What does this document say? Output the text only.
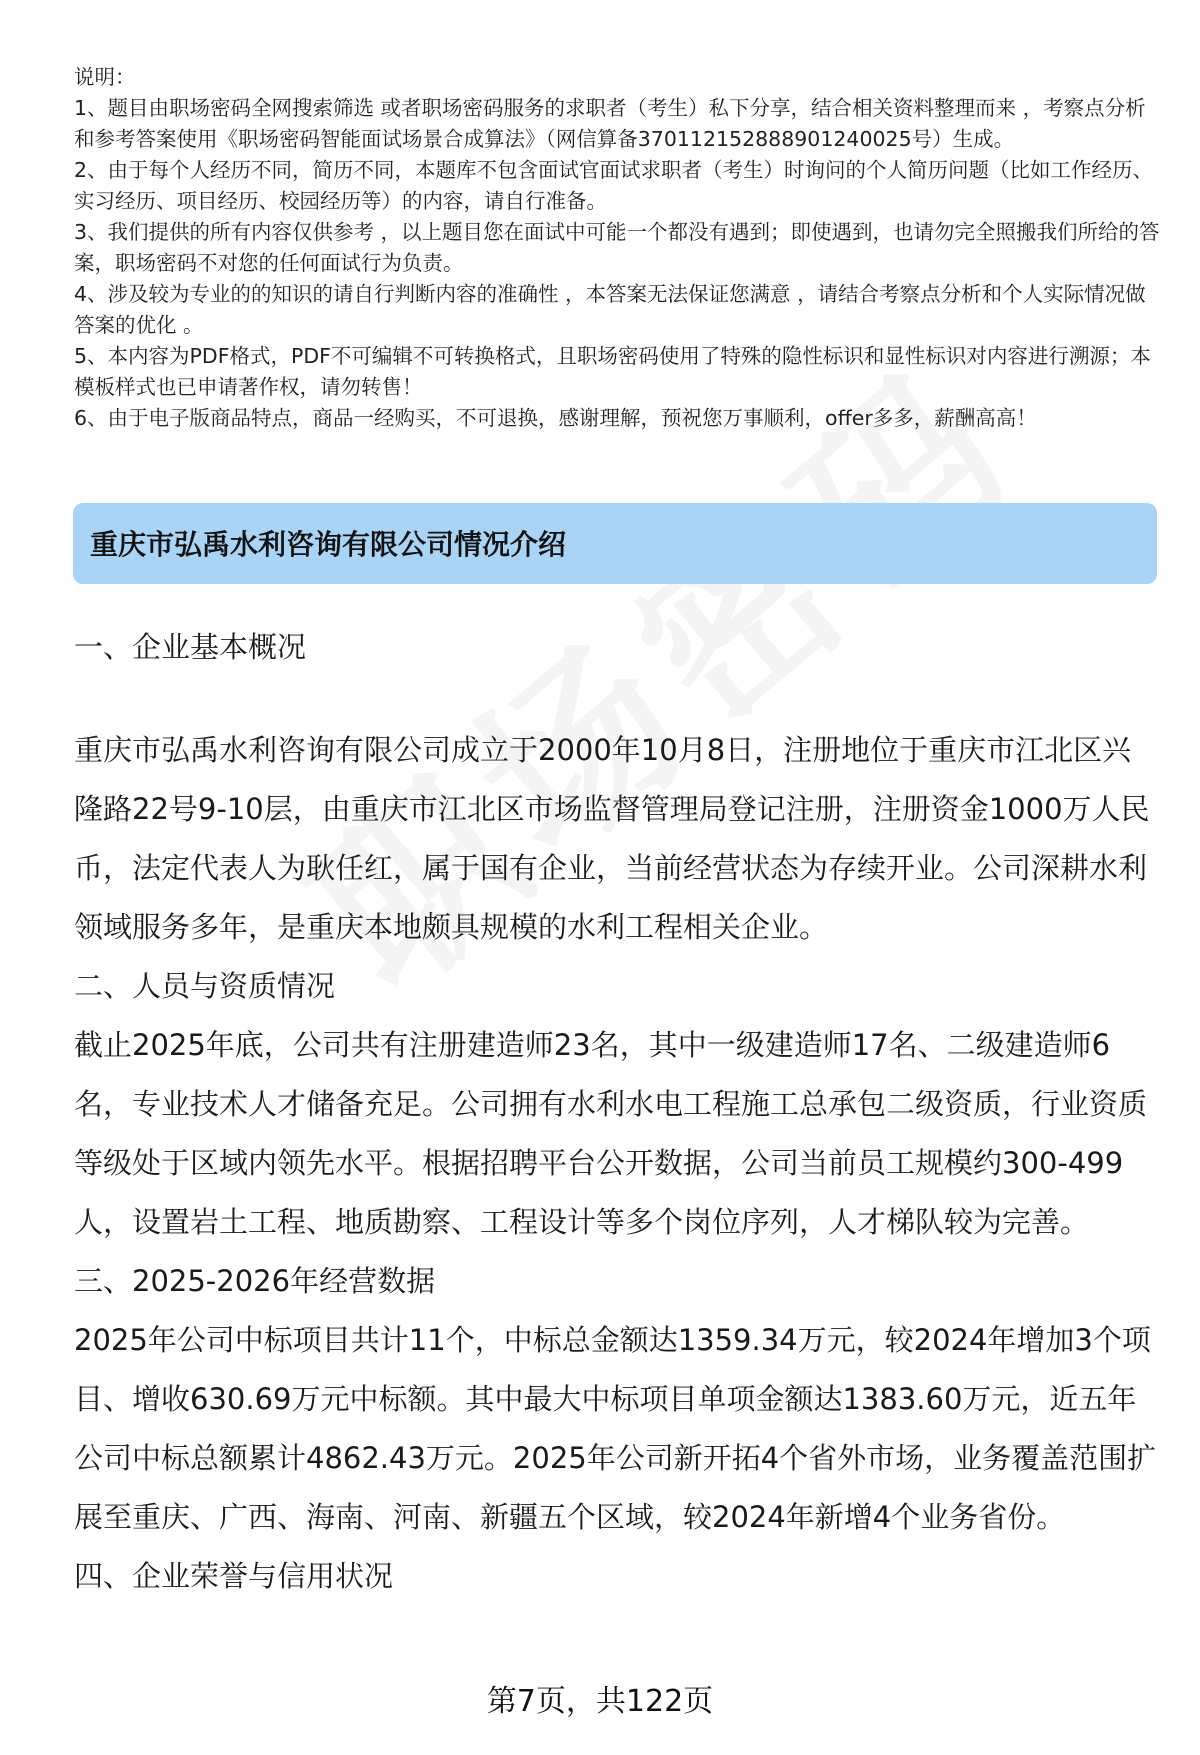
说明：

1、题目由职场密码全网搜索筛选 或者职场密码服务的求职者（考生）私下分享，结合相关资料整理而来 ，考察点分析和参考答案使用《职场密码智能面试场景合成算法》（网信算备370112152888901240025号）生成。

2、由于每个人经历不同，简历不同，本题库不包含面试官面试求职者（考生）时询问的个人简历问题（比如工作经历、实习经历、项目经历、校园经历等）的内容，请自行准备。

3、我们提供的所有内容仅供参考 ，以上题目您在面试中可能一个都没有遇到；即使遇到，也请勿完全照搬我们所给的答案，职场密码不对您的任何面试行为负责。

4、涉及较为专业的的知识的请自行判断内容的准确性 ，本答案无法保证您满意 ，请结合考察点分析和个人实际情况做答案的优化 。

5、本内容为PDF格式，PDF不可编辑不可转换格式，且职场密码使用了特殊的隐性标识和显性标识对内容进行溯源；本模板样式也已申请著作权，请勿转售！

6、由于电子版商品特点，商品一经购买，不可退换，感谢理解，预祝您万事顺利，offer多多，薪酬高高！

重庆市弘禹水利咨询有限公司情况介绍

一、企业基本概况

重庆市弘禹水利咨询有限公司成立于2000年10月8日，注册地位于重庆市江北区兴隆路22号9-10层，由重庆市江北区市场监督管理局登记注册，注册资金1000万人民币，法定代表人为耿任红，属于国有企业，当前经营状态为存续开业。公司深耕水利领域服务多年，是重庆本地颇具规模的水利工程相关企业。

二、人员与资质情况

截止2025年底，公司共有注册建造师23名，其中一级建造师17名、二级建造师6名，专业技术人才储备充足。公司拥有水利水电工程施工总承包二级资质，行业资质等级处于区域内领先水平。根据招聘平台公开数据，公司当前员工规模约300-499人，设置岩土工程、地质勘察、工程设计等多个岗位序列，人才梯队较为完善。

三、2025-2026年经营数据

2025年公司中标项目共计11个，中标总金额达1359.34万元，较2024年增加3个项目、增收630.69万元中标额。其中最大中标项目单项金额达1383.60万元，近五年公司中标总额累计4862.43万元。2025年公司新开拓4个省外市场，业务覆盖范围扩展至重庆、广西、海南、河南、新疆五个区域，较2024年新增4个业务省份。

四、企业荣誉与信用状况

第7页，共122页
